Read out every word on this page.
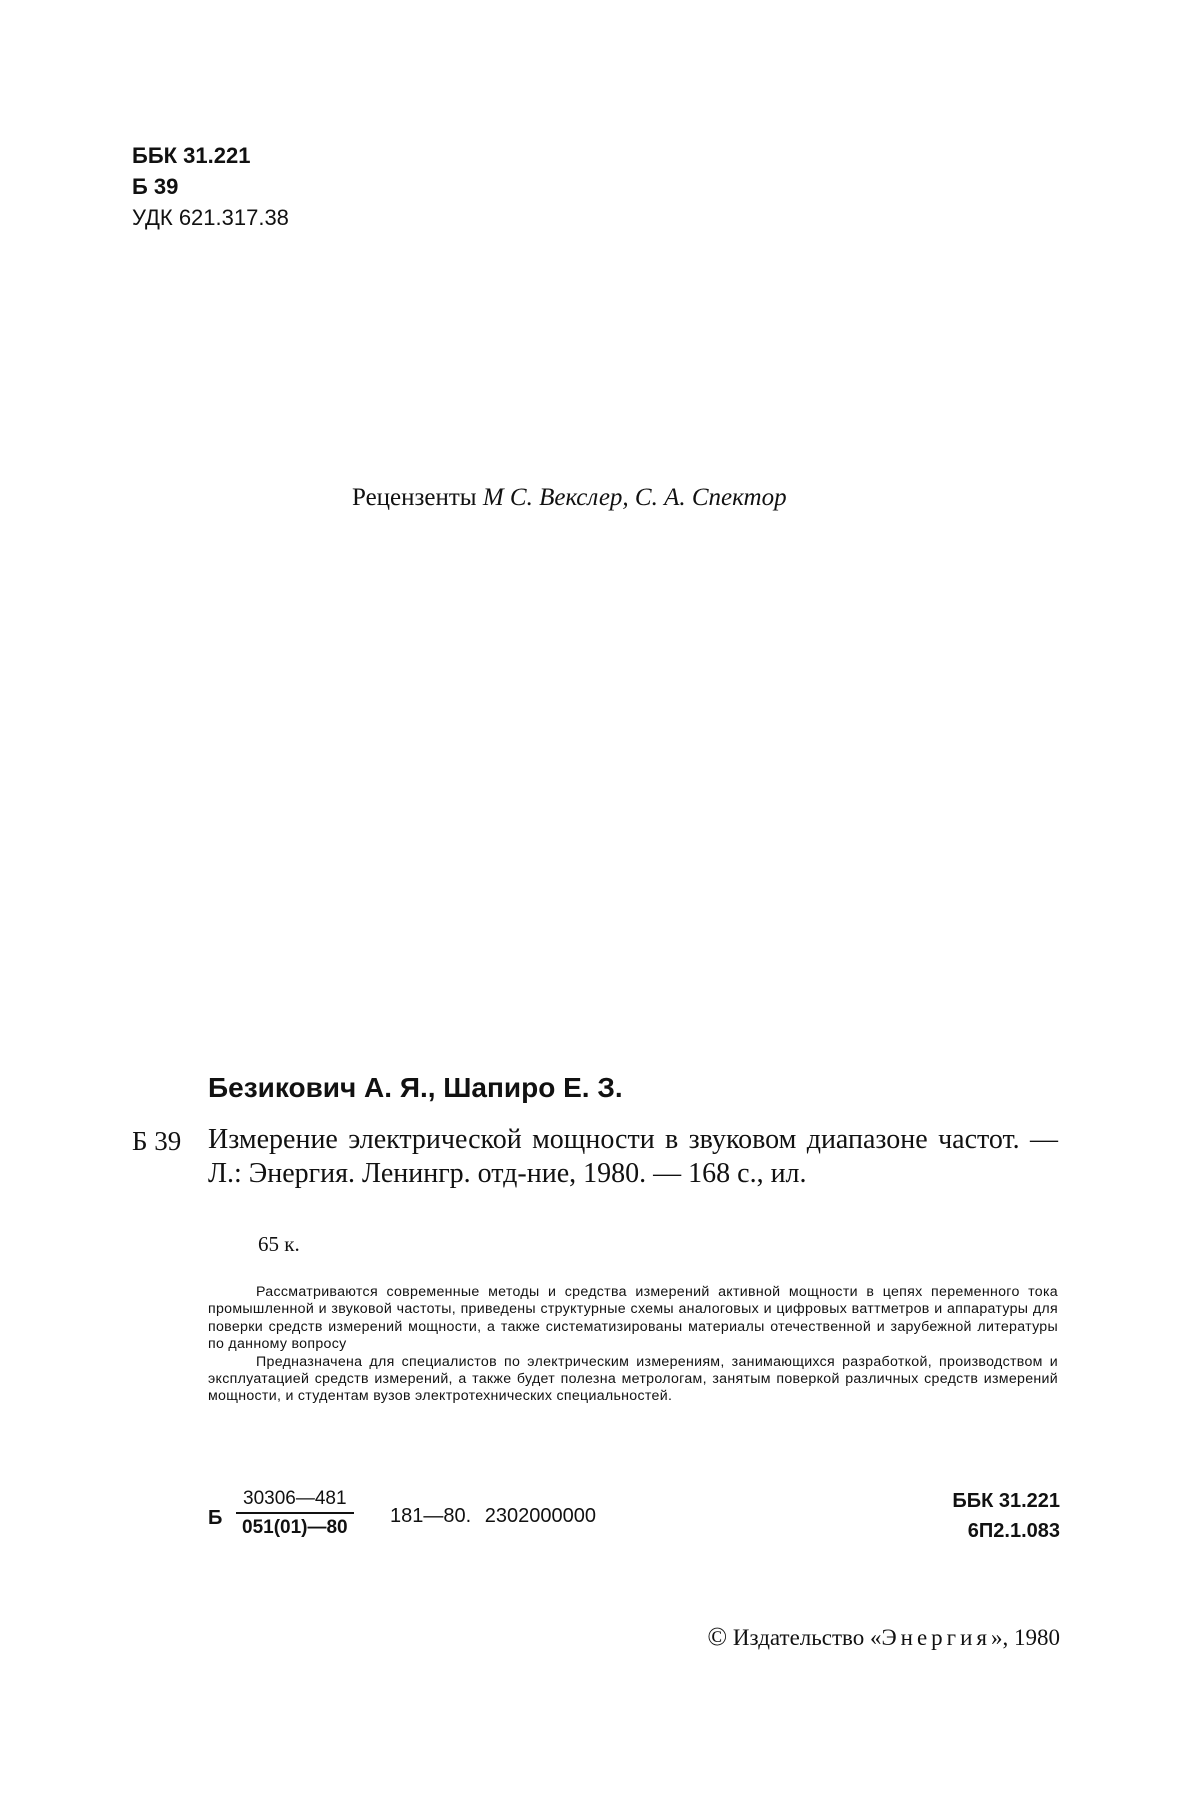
ББК 31.221
Б 39
УДК 621.317.38
Рецензенты М С. Векслер, С. А. Спектор
Безикович А. Я., Шапиро Е. З.
Б 39 Измерение электрической мощности в звуковом диапазоне частот. — Л.: Энергия. Ленингр. отд-ние, 1980. — 168 с., ил.
65 к.

Рассматриваются современные методы и средства измерений активной мощности в цепях переменного тока промышленной и звуковой частоты, приведены структурные схемы аналоговых и цифровых ваттметров и аппаратуры для поверки средств измерений мощности, а также систематизированы материалы отечественной и зарубежной литературы по данному вопросу

Предназначена для специалистов по электрическим измерениям, занимающихся разработкой, производством и эксплуатацией средств измерений, а также будет полезна метрологам, занятым поверкой различных средств измерений мощности, и студентам вузов электротехнических специальностей.

Б $\frac{30306—481}{051(01)—80}$ 181—80. 2302000000
ББК 31.221
6П2.1.083
© Издательство «Энергия», 1980
